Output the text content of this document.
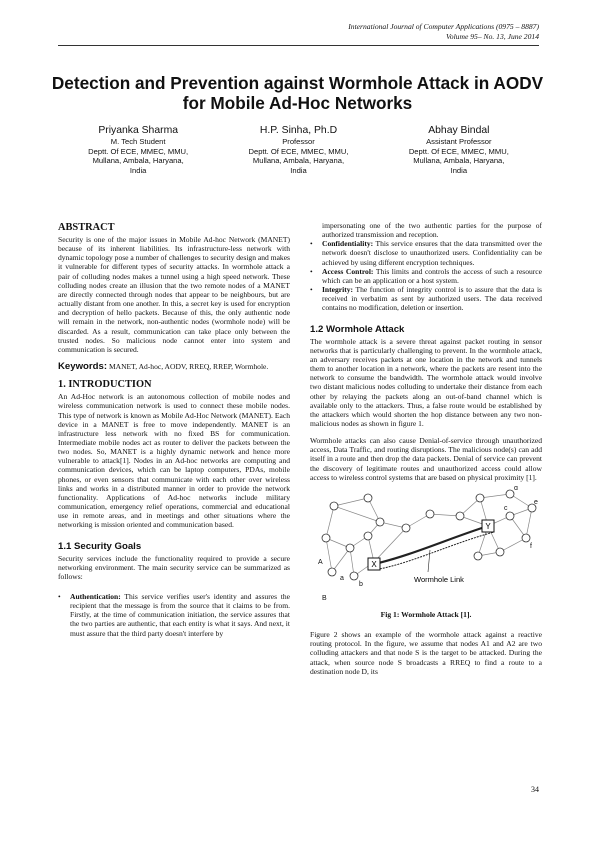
International Journal of Computer Applications (0975 – 8887)
Volume 95– No. 13, June 2014
Detection and Prevention against Wormhole Attack in AODV for Mobile Ad-Hoc Networks
Priyanka Sharma
M. Tech Student
Deptt. Of ECE, MMEC, MMU,
Mullana, Ambala, Haryana,
India
H.P. Sinha, Ph.D
Professor
Deptt. Of ECE, MMEC, MMU,
Mullana, Ambala, Haryana,
India
Abhay Bindal
Assistant Professor
Deptt. Of ECE, MMEC, MMU,
Mullana, Ambala, Haryana,
India
ABSTRACT

Security is one of the major issues in Mobile Ad-hoc Network (MANET) because of its inherent liabilities. Its infrastructure-less network with dynamic topology pose a number of challenges to security design and makes it vulnerable for different types of security attacks. In wormhole attack a pair of colluding nodes makes a tunnel using a high speed network. These colluding nodes create an illusion that the two remote nodes of a MANET are directly connected through nodes that appear to be neighbours, but are actually distant from one another. In this, a secret key is used for encryption and decryption of hello packets. Because of this, the only authentic node will remain in the network, non-authentic nodes (wormhole node) will be discarded. As a result, communication can take place only between the trusted nodes. So malicious node cannot enter into system and communication is secured.

Keywords: MANET, Ad-hoc, AODV, RREQ, RREP, Wormhole.

1. INTRODUCTION

An Ad-Hoc network is an autonomous collection of mobile nodes and wireless communication network is used to connect these mobile nodes. This type of network is known as Mobile Ad-Hoc Network (MANET). Each device in a MANET is free to move independently. MANET is an infrastructure less network with no fixed BS for communication. Intermediate mobile nodes act as router to deliver the packets between the two nodes. So, MANET is a highly dynamic network and hence more vulnerable to attack[1]. Nodes in an Ad-hoc networks are computing and communication devices, which can be laptop computers, PDAs, mobile phones, or even sensors that communicate with each other over wireless links and works in a distributed manner in order to provide the network functionality. Applications of Ad-hoc networks include military communication, emergency relief operations, commercial and educational use in remote areas, and in meetings and other situations where the networking is mission oriented and communication based.

1.1 Security Goals

Security services include the functionality required to provide a secure networking environment. The main security service can be summarized as follows:

• Authentication: This service verifies user's identity and assures the recipient that the message is from the source that it claims to be from. Firstly, at the time of communication initiation, the service assures that the two parties are authentic, that each entity is what it says. And next, it must assure that the third party doesn't interfere by
impersonating one of the two authentic parties for the purpose of authorized transmission and reception.
• Confidentiality: This service ensures that the data transmitted over the network doesn't disclose to unauthorized users. Confidentiality can be achieved by using different encryption techniques.
• Access Control: This limits and controls the access of such a resource which can be an application or a host system.
• Integrity: The function of integrity control is to assure that the data is received in verbatim as sent by authorized users. The data received contains no modification, deletion or insertion.
1.2 Wormhole Attack

The wormhole attack is a severe threat against packet routing in sensor networks that is particularly challenging to prevent. In the wormhole attack, an adversary receives packets at one location in the network and tunnels them to another location in a network, where the packets are resent into the network to consume the bandwidth. The wormhole attack would involve two distant malicious nodes colluding to undertake their distance from each other by relaying the packets along an out-of-band channel which is available only to the attackers. Thus, a false route would be established by the attackers which would shorten the hop distance between any two non-malicious nodes as shown in figure 1.

Wormhole attacks can also cause Denial-of-service through unauthorized access, Data Traffic, and routing disruptions. The malicious node(s) can add itself in a route and then drop the data packets. Denial of service can prevent the discovery of legitimate routes and unauthorized access could allow access to wireless control systems that are based on physical proximity [1].

X
Y
a
b
A
B
c
d
e
f
Wormhole Link
Fig 1: Wormhole Attack [1].

Figure 2 shows an example of the wormhole attack against a reactive routing protocol. In the figure, we assume that nodes A1 and A2 are two colluding attackers and that node S is the target to be attacked. During the attack, when source node S broadcasts a RREQ to find a route to a destination node D, its

34
